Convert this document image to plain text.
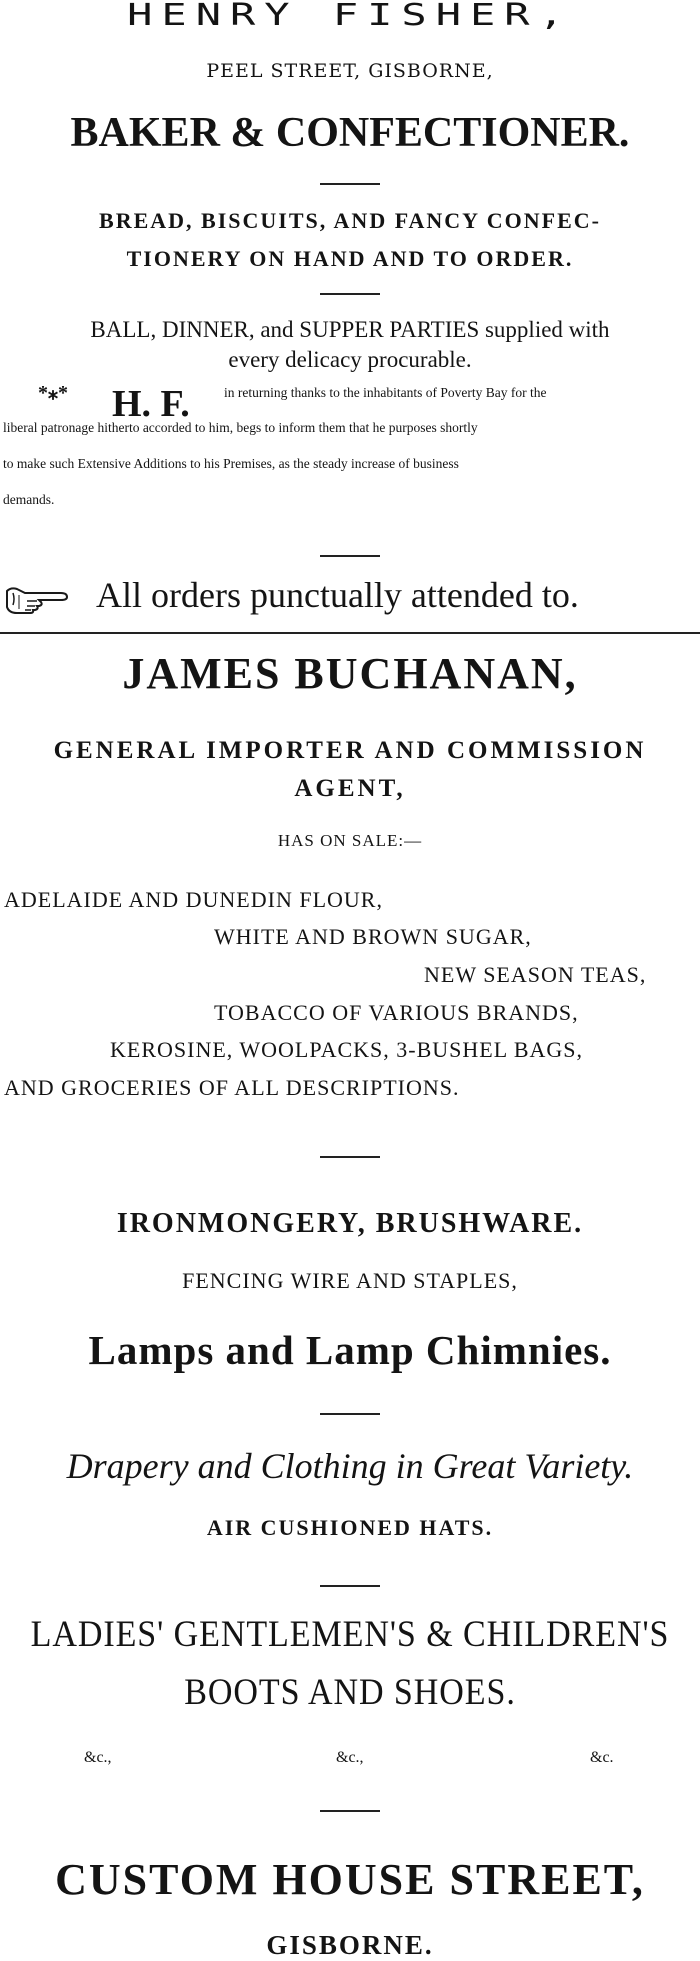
HENRY FISHER,

PEEL STREET, GISBORNE,

BAKER & CONFECTIONER.

BREAD, BISCUITS, AND FANCY CONFEC-

TIONERY ON HAND AND TO ORDER.

BALL, DINNER, and SUPPER PARTIES supplied with

every delicacy procurable.

*⁎* H. F.	in returning thanks to the inhabitants of Poverty Bay for the
liberal patronage hitherto accorded to him, begs to inform them that he purposes shortly
to make such Extensive Additions to his Premises, as the steady increase of business
demands.
All orders punctually attended to.

JAMES BUCHANAN,

GENERAL IMPORTER AND COMMISSION

AGENT,

HAS ON SALE:—

ADELAIDE AND DUNEDIN FLOUR,
WHITE AND BROWN SUGAR,
NEW SEASON TEAS,
TOBACCO OF VARIOUS BRANDS,
KEROSINE, WOOLPACKS, 3-BUSHEL BAGS,
AND GROCERIES OF ALL DESCRIPTIONS.

IRONMONGERY, BRUSHWARE.

FENCING WIRE AND STAPLES,

Lamps and Lamp Chimnies.

Drapery and Clothing in Great Variety.

AIR CUSHIONED HATS.

LADIES' GENTLEMEN'S & CHILDREN'S

BOOTS AND SHOES.

&c.,	&c.,	&c.

CUSTOM HOUSE STREET,

GISBORNE.
